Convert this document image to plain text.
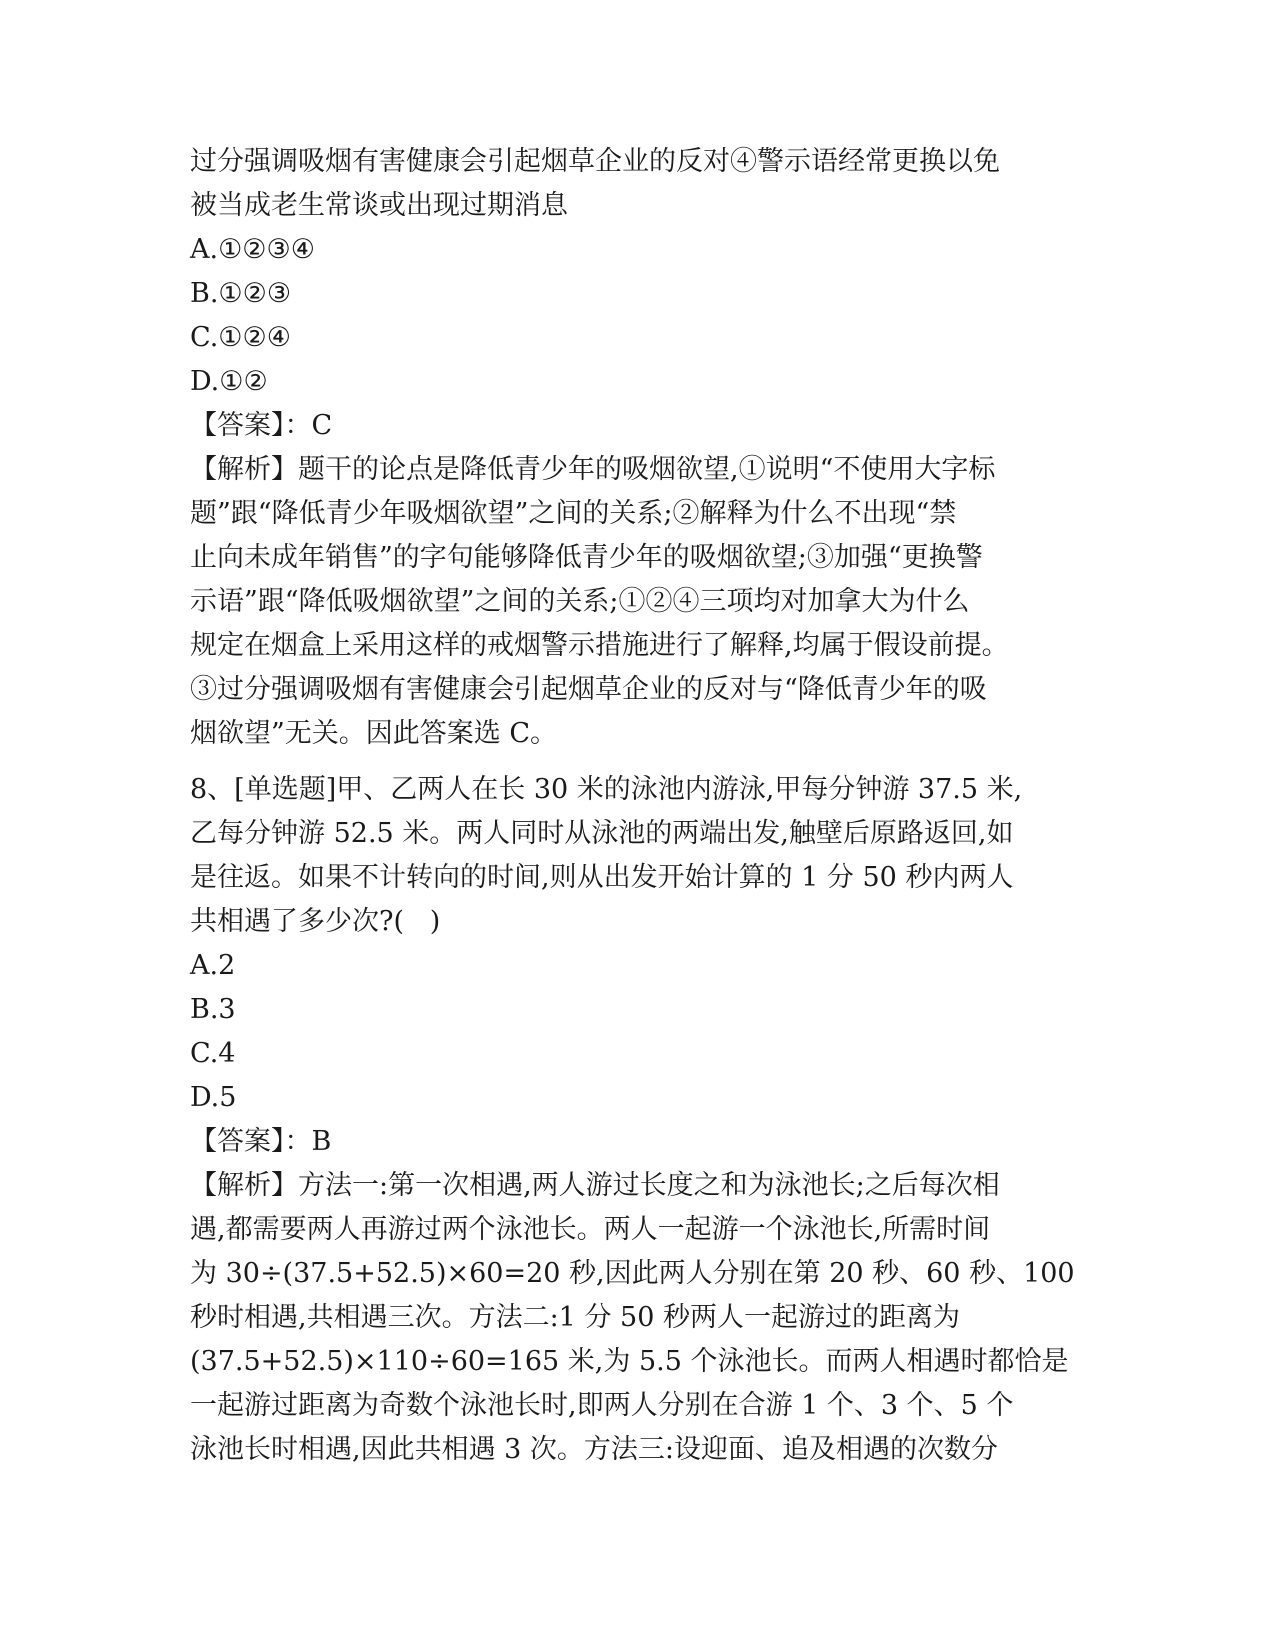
过分强调吸烟有害健康会引起烟草企业的反对④警示语经常更换以免
被当成老生常谈或出现过期消息
A.①②③④
B.①②③
C.①②④
D.①②
【答案】：C
【解析】题干的论点是降低青少年的吸烟欲望,①说明“不使用大字标
题”跟“降低青少年吸烟欲望”之间的关系;②解释为什么不出现“禁
止向未成年销售”的字句能够降低青少年的吸烟欲望;③加强“更换警
示语”跟“降低吸烟欲望”之间的关系;①②④三项均对加拿大为什么
规定在烟盒上采用这样的戒烟警示措施进行了解释,均属于假设前提。
③过分强调吸烟有害健康会引起烟草企业的反对与“降低青少年的吸
烟欲望”无关。因此答案选 C。
8、[单选题]甲、乙两人在长 30 米的泳池内游泳,甲每分钟游 37.5 米,
乙每分钟游 52.5 米。两人同时从泳池的两端出发,触壁后原路返回,如
是往返。如果不计转向的时间,则从出发开始计算的 1 分 50 秒内两人
共相遇了多少次?(   )
A.2
B.3
C.4
D.5
【答案】：B
【解析】方法一:第一次相遇,两人游过长度之和为泳池长;之后每次相
遇,都需要两人再游过两个泳池长。两人一起游一个泳池长,所需时间
为 30÷(37.5+52.5)×60=20 秒,因此两人分别在第 20 秒、60 秒、100
秒时相遇,共相遇三次。方法二:1 分 50 秒两人一起游过的距离为
(37.5+52.5)×110÷60=165 米,为 5.5 个泳池长。而两人相遇时都恰是
一起游过距离为奇数个泳池长时,即两人分别在合游 1 个、3 个、5 个
泳池长时相遇,因此共相遇 3 次。方法三:设迎面、追及相遇的次数分
